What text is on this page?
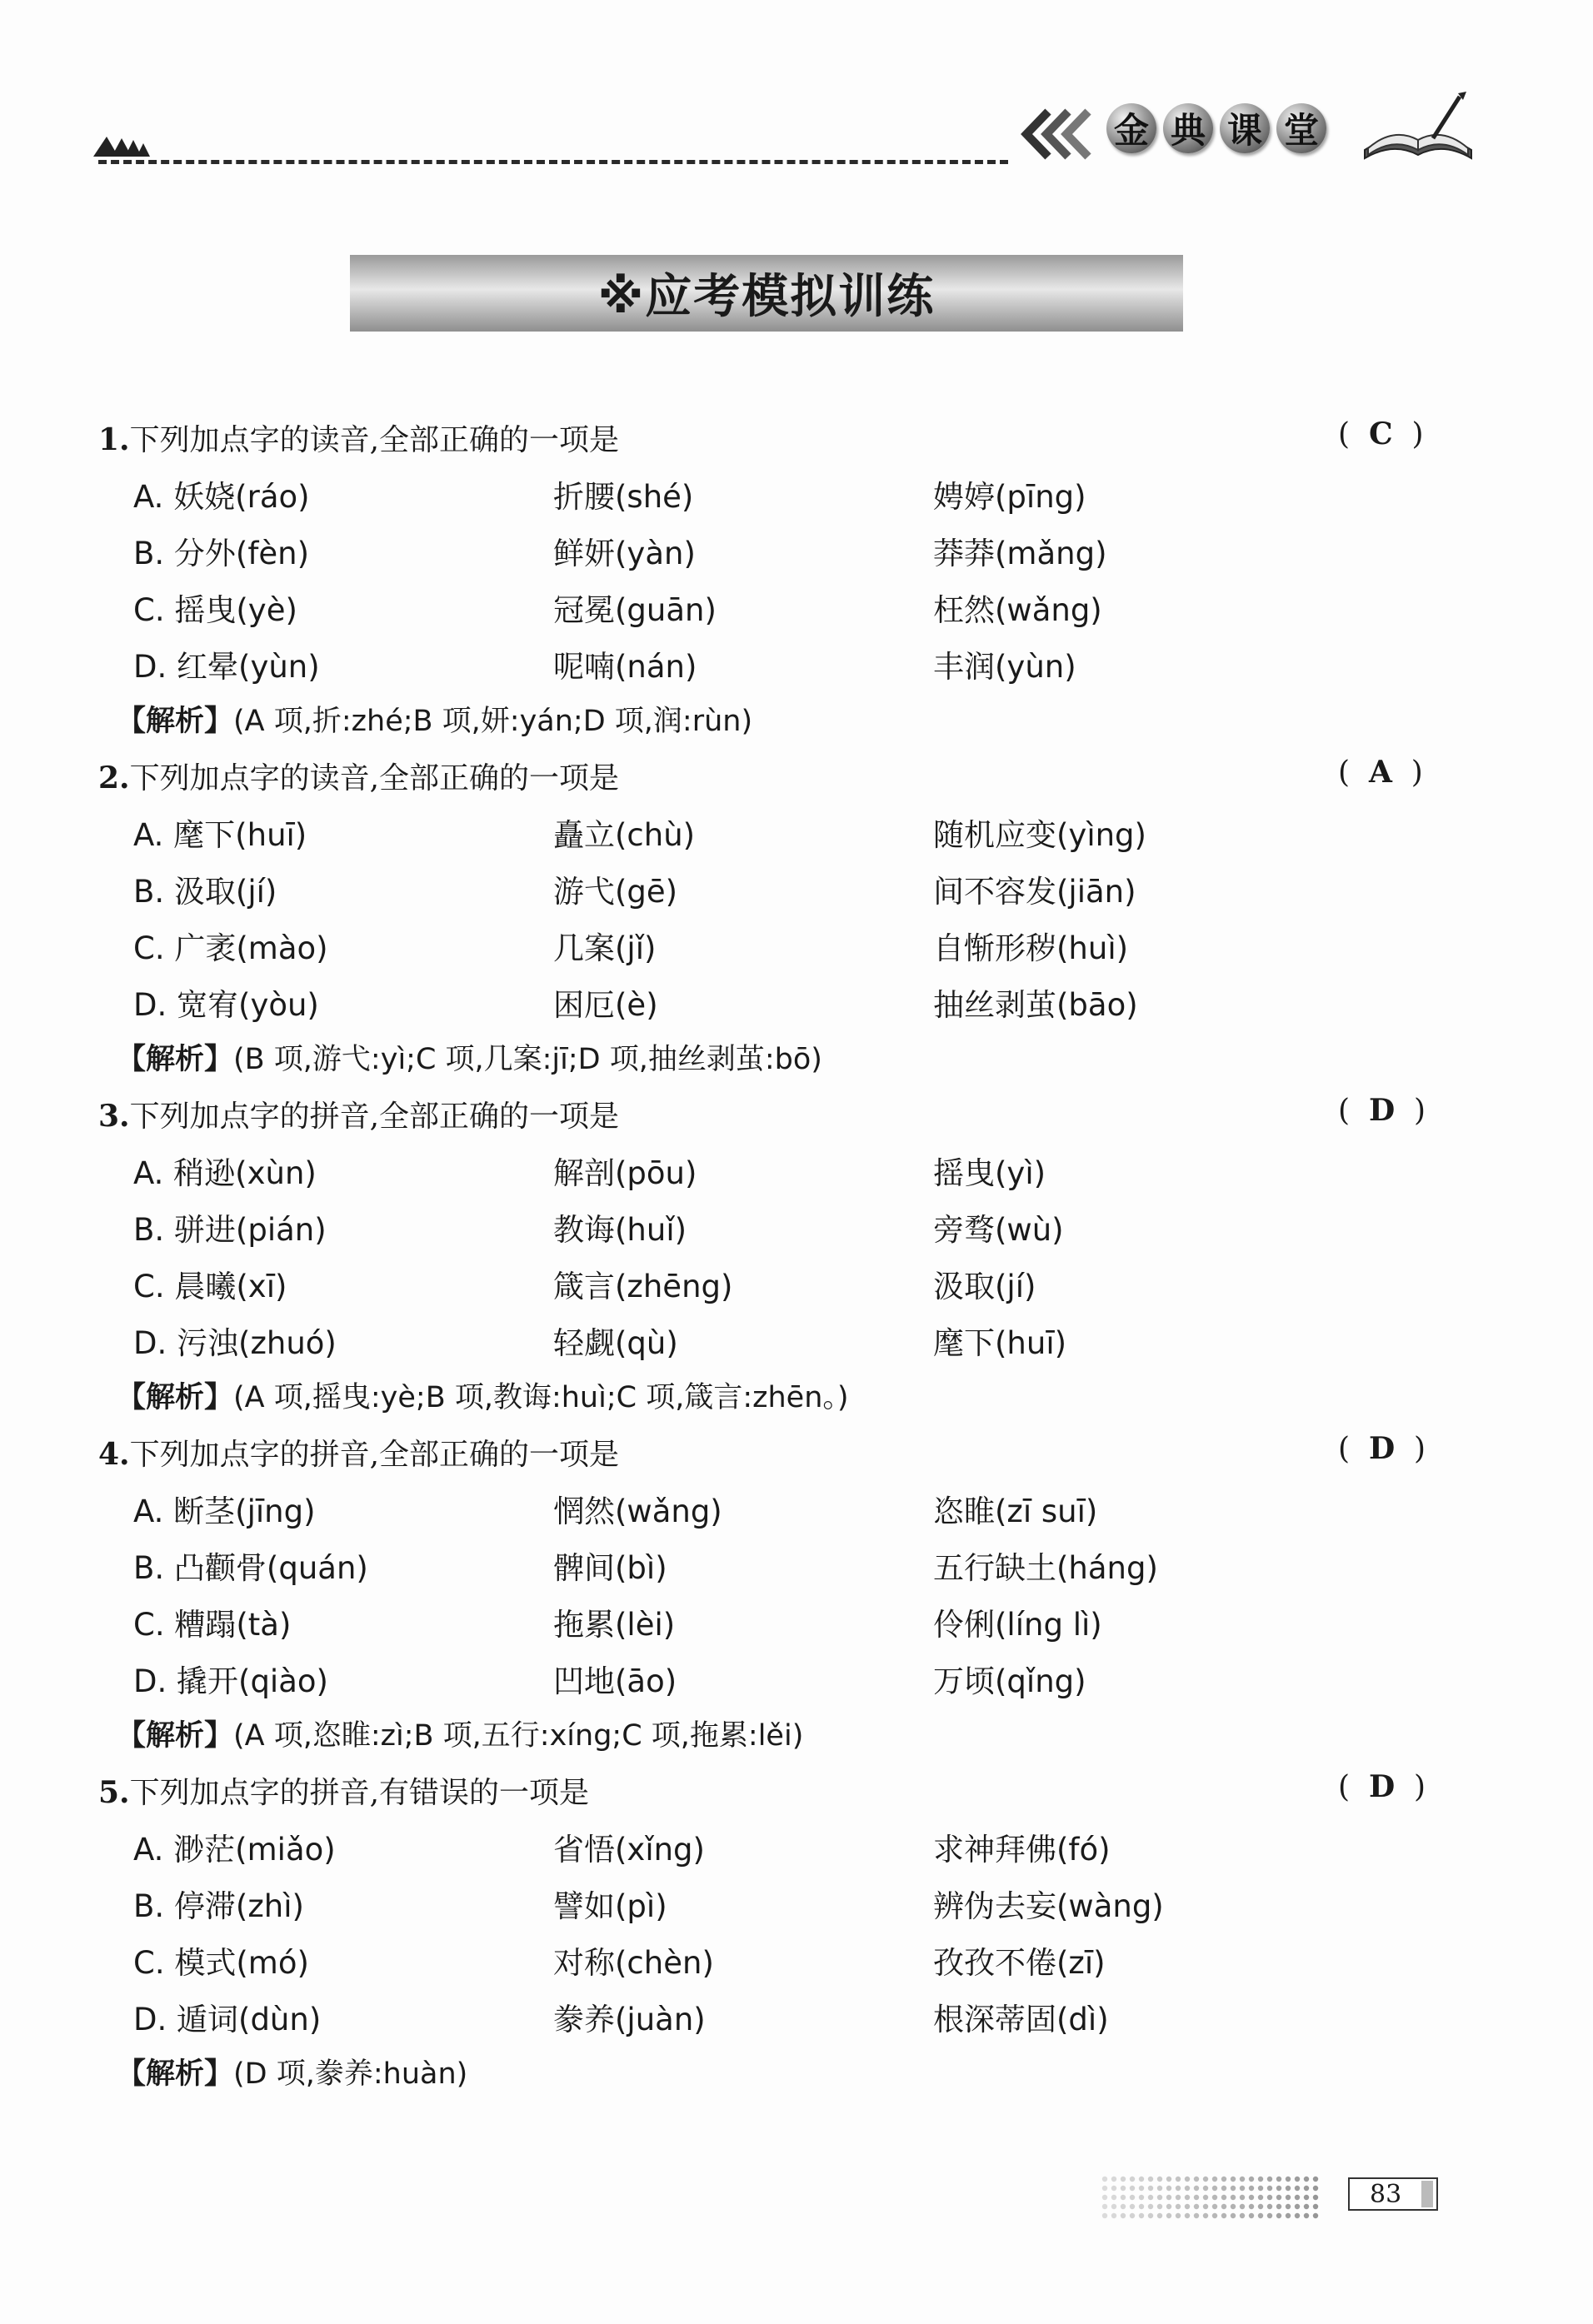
金 典 课 堂
※应考模拟训练
1.下列加点字的读音,全部正确的一项是	(  C  )
A. 妖娆(ráo)	折腰(shé)	娉婷(pīng)
B. 分外(fèn)	鲜妍(yàn)	莽莽(mǎng)
C. 摇曳(yè)	冠冕(guān)	枉然(wǎng)
D. 红晕(yùn)	呢喃(nán)	丰润(yùn)
【解析】(A 项,折:zhé;B 项,妍:yán;D 项,润:rùn)
2.下列加点字的读音,全部正确的一项是	(  A  )
A. 麾下(huī)	矗立(chù)	随机应变(yìng)
B. 汲取(jí)	游弋(gē)	间不容发(jiān)
C. 广袤(mào)	几案(jǐ)	自惭形秽(huì)
D. 宽宥(yòu)	困厄(è)	抽丝剥茧(bāo)
【解析】(B 项,游弋:yì;C 项,几案:jī;D 项,抽丝剥茧:bō)
3.下列加点字的拼音,全部正确的一项是	(  D  )
A. 稍逊(xùn)	解剖(pōu)	摇曳(yì)
B. 骈进(pián)	教诲(huǐ)	旁骛(wù)
C. 晨曦(xī)	箴言(zhēng)	汲取(jí)
D. 污浊(zhuó)	轻觑(qù)	麾下(huī)
【解析】(A 项,摇曳:yè;B 项,教诲:huì;C 项,箴言:zhēn。)
4.下列加点字的拼音,全部正确的一项是	(  D  )
A. 断茎(jīng)	惘然(wǎng)	恣睢(zī suī)
B. 凸颧骨(quán)	髀间(bì)	五行缺土(háng)
C. 糟蹋(tà)	拖累(lèi)	伶俐(líng lì)
D. 撬开(qiào)	凹地(āo)	万顷(qǐng)
【解析】(A 项,恣睢:zì;B 项,五行:xíng;C 项,拖累:lěi)
5.下列加点字的拼音,有错误的一项是	(  D  )
A. 渺茫(miǎo)	省悟(xǐng)	求神拜佛(fó)
B. 停滞(zhì)	譬如(pì)	辨伪去妄(wàng)
C. 模式(mó)	对称(chèn)	孜孜不倦(zī)
D. 遁词(dùn)	豢养(juàn)	根深蒂固(dì)
【解析】(D 项,豢养:huàn)
83
